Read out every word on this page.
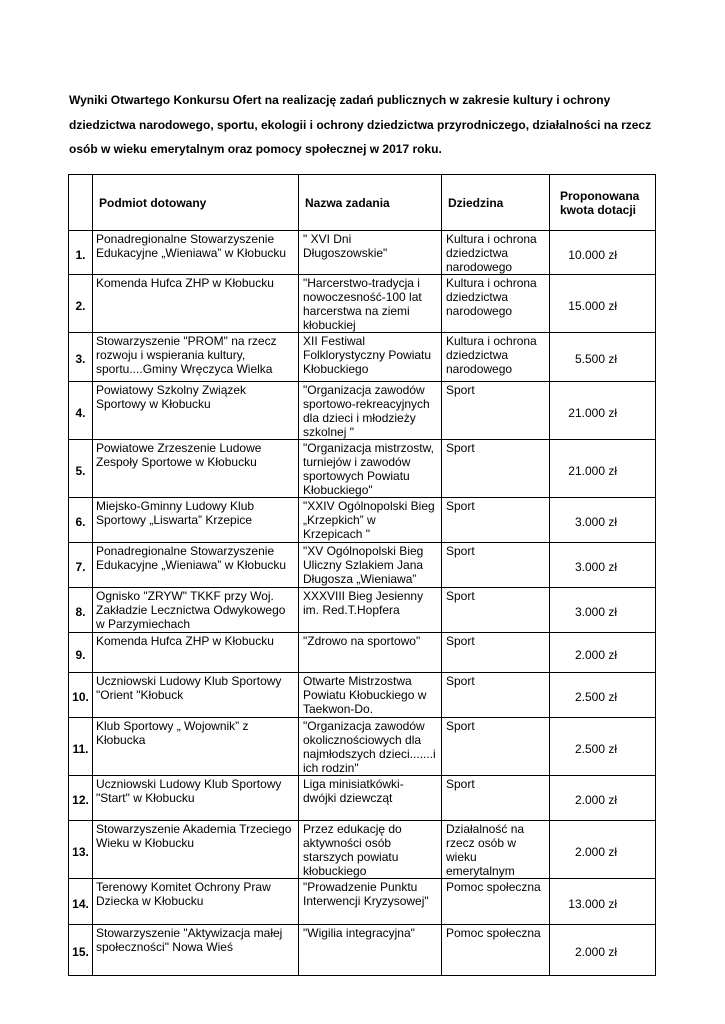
Wyniki Otwartego Konkursu Ofert na realizację zadań publicznych w zakresie kultury i ochrony dziedzictwa narodowego, sportu, ekologii i ochrony dziedzictwa przyrodniczego, działalności na rzecz osób w wieku emerytalnym oraz pomocy społecznej w 2017 roku.
	Podmiot dotowany	Nazwa zadania	Dziedzina	Proponowana kwota dotacji
1.	Ponadregionalne Stowarzyszenie Edukacyjne „Wieniawa” w Kłobucku	" XVI Dni Długoszowskie"	Kultura i ochrona dziedzictwa narodowego	10.000 zł
2.	Komenda Hufca ZHP w Kłobucku	"Harcerstwo-tradycja i nowoczesność-100 lat harcerstwa na ziemi kłobuckiej	Kultura i ochrona dziedzictwa narodowego	15.000 zł
3.	Stowarzyszenie "PROM" na rzecz rozwoju i wspierania kultury, sportu....Gminy Wręczyca Wielka	XII Festiwal Folklorystyczny Powiatu Kłobuckiego	Kultura i ochrona dziedzictwa narodowego	5.500 zł
4.	Powiatowy Szkolny Związek Sportowy w Kłobucku	"Organizacja zawodów sportowo-rekreacyjnych dla dzieci i młodzieży szkolnej "	Sport	21.000 zł
5.	Powiatowe Zrzeszenie Ludowe Zespoły Sportowe w Kłobucku	"Organizacja mistrzostw, turniejów i zawodów sportowych Powiatu Kłobuckiego"	Sport	21.000 zł
6.	Miejsko-Gminny Ludowy Klub Sportowy „Liswarta” Krzepice	"XXIV Ogólnopolski Bieg „Krzepkich” w Krzepicach "	Sport	3.000 zł
7.	Ponadregionalne Stowarzyszenie Edukacyjne „Wieniawa” w Kłobucku	"XV Ogólnopolski Bieg Uliczny Szlakiem Jana Długosza „Wieniawa”	Sport	3.000 zł
8.	Ognisko "ZRYW" TKKF przy Woj. Zakładzie Lecznictwa Odwykowego w Parzymiechach	XXXVIII Bieg Jesienny im. Red.T.Hopfera	Sport	3.000 zł
9.	Komenda Hufca ZHP w Kłobucku	"Zdrowo na sportowo"	Sport	2.000 zł
10.	Uczniowski Ludowy Klub Sportowy "Orient "Kłobuck	Otwarte Mistrzostwa Powiatu Kłobuckiego w Taekwon-Do.	Sport	2.500 zł
11.	Klub Sportowy „ Wojownik” z Kłobucka	"Organizacja zawodów okolicznościowych dla najmłodszych dzieci.......i ich rodzin"	Sport	2.500 zł
12.	Uczniowski Ludowy Klub Sportowy "Start" w Kłobucku	Liga minisiatkówki-dwójki dziewcząt	Sport	2.000 zł
13.	Stowarzyszenie Akademia Trzeciego Wieku w Kłobucku	Przez edukację do aktywności osób starszych powiatu kłobuckiego	Działalność na rzecz osób w wieku emerytalnym	2.000 zł
14.	Terenowy Komitet Ochrony Praw Dziecka w Kłobucku	"Prowadzenie Punktu Interwencji Kryzysowej"	Pomoc społeczna	13.000 zł
15.	Stowarzyszenie "Aktywizacja małej społeczności" Nowa Wieś	"Wigilia integracyjna"	Pomoc społeczna	2.000 zł
